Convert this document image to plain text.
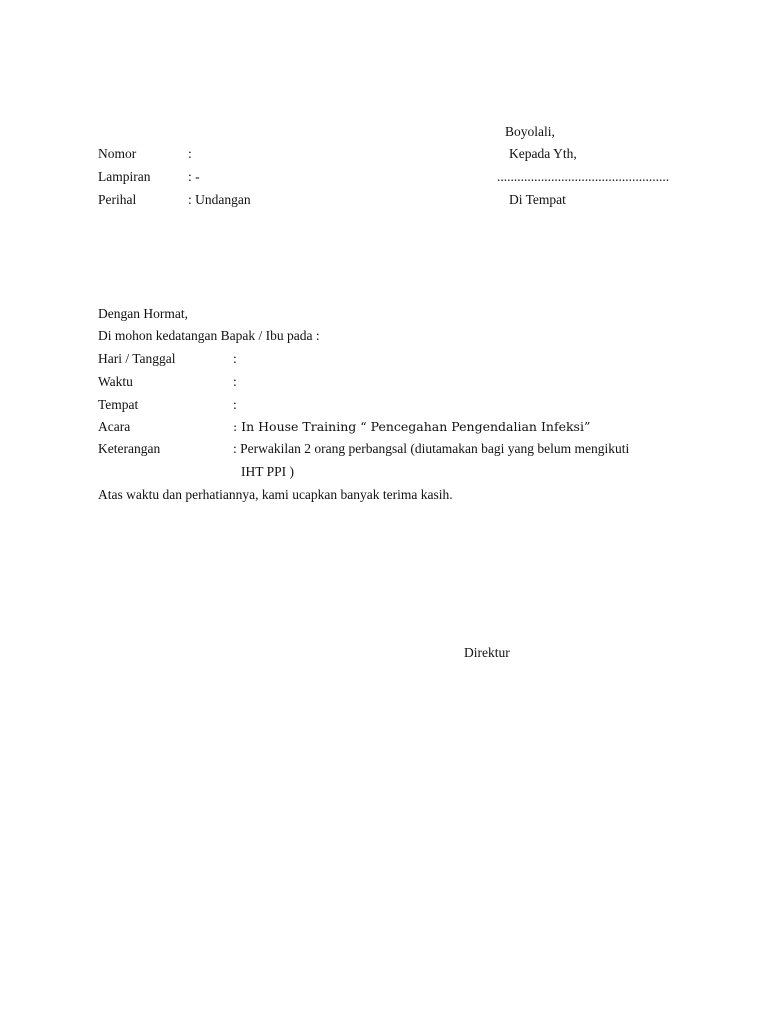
Boyolali,
Kepada Yth,
...................................................
Di Tempat
Nomor	:
Lampiran	: -
Perihal	: Undangan
Dengan Hormat,
Di mohon kedatangan Bapak / Ibu pada :
Hari / Tanggal	:
Waktu	:
Tempat	:
Acara	: In House Training “ Pencegahan Pengendalian Infeksi”
Keterangan	: Perwakilan 2 orang perbangsal (diutamakan bagi yang belum mengikuti
IHT PPI )
Atas waktu dan perhatiannya, kami ucapkan banyak terima kasih.
Direktur
